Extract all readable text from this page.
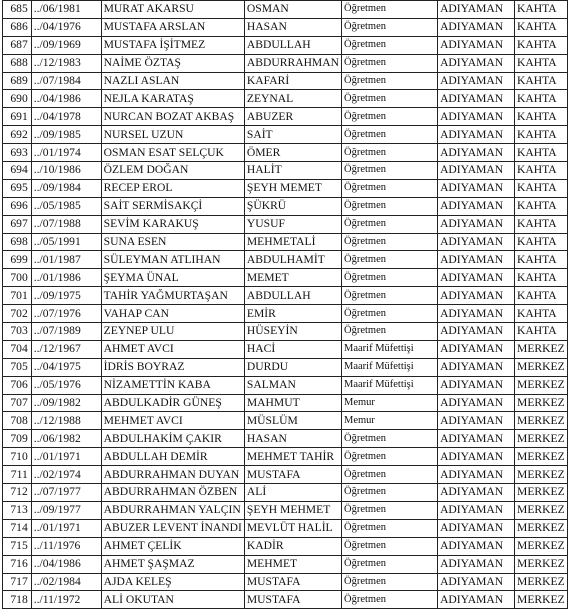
685	../06/1981	MURAT AKARSU	OSMAN	Öğretmen	ADIYAMAN	KAHTA
686	../04/1976	MUSTAFA ARSLAN	HASAN	Öğretmen	ADIYAMAN	KAHTA
687	../09/1969	MUSTAFA İŞİTMEZ	ABDULLAH	Öğretmen	ADIYAMAN	KAHTA
688	../12/1983	NAİME ÖZTAŞ	ABDURRAHMAN	Öğretmen	ADIYAMAN	KAHTA
689	../07/1984	NAZLI ASLAN	KAFARİ	Öğretmen	ADIYAMAN	KAHTA
690	../04/1986	NEJLA KARATAŞ	ZEYNAL	Öğretmen	ADIYAMAN	KAHTA
691	../04/1978	NURCAN BOZAT AKBAŞ	ABUZER	Öğretmen	ADIYAMAN	KAHTA
692	../09/1985	NURSEL UZUN	SAİT	Öğretmen	ADIYAMAN	KAHTA
693	../01/1974	OSMAN ESAT SELÇUK	ÖMER	Öğretmen	ADIYAMAN	KAHTA
694	../10/1986	ÖZLEM DOĞAN	HALİT	Öğretmen	ADIYAMAN	KAHTA
695	../09/1984	RECEP EROL	ŞEYH MEMET	Öğretmen	ADIYAMAN	KAHTA
696	../05/1985	SAİT SERMİSAKÇİ	ŞÜKRÜ	Öğretmen	ADIYAMAN	KAHTA
697	../07/1988	SEVİM KARAKUŞ	YUSUF	Öğretmen	ADIYAMAN	KAHTA
698	../05/1991	SUNA ESEN	MEHMETALİ	Öğretmen	ADIYAMAN	KAHTA
699	../01/1987	SÜLEYMAN ATLIHAN	ABDULHAMİT	Öğretmen	ADIYAMAN	KAHTA
700	../01/1986	ŞEYMA ÜNAL	MEMET	Öğretmen	ADIYAMAN	KAHTA
701	../09/1975	TAHİR YAĞMURTAŞAN	ABDULLAH	Öğretmen	ADIYAMAN	KAHTA
702	../07/1976	VAHAP CAN	EMİR	Öğretmen	ADIYAMAN	KAHTA
703	../07/1989	ZEYNEP ULU	HÜSEYİN	Öğretmen	ADIYAMAN	KAHTA
704	../12/1967	AHMET AVCI	HACİ	Maarif Müfettişi	ADIYAMAN	MERKEZ
705	../04/1975	İDRİS BOYRAZ	DURDU	Maarif Müfettişi	ADIYAMAN	MERKEZ
706	../05/1976	NİZAMETTİN KABA	SALMAN	Maarif Müfettişi	ADIYAMAN	MERKEZ
707	../09/1982	ABDULKADİR GÜNEŞ	MAHMUT	Memur	ADIYAMAN	MERKEZ
708	../12/1988	MEHMET AVCI	MÜSLÜM	Memur	ADIYAMAN	MERKEZ
709	../06/1982	ABDULHAKİM ÇAKIR	HASAN	Öğretmen	ADIYAMAN	MERKEZ
710	../01/1971	ABDULLAH DEMİR	MEHMET TAHİR	Öğretmen	ADIYAMAN	MERKEZ
711	../02/1974	ABDURRAHMAN DUYAN	MUSTAFA	Öğretmen	ADIYAMAN	MERKEZ
712	../07/1977	ABDURRAHMAN ÖZBEN	ALİ	Öğretmen	ADIYAMAN	MERKEZ
713	../09/1977	ABDURRAHMAN YALÇIN	ŞEYH MEHMET	Öğretmen	ADIYAMAN	MERKEZ
714	../01/1971	ABUZER LEVENT İNANDI	MEVLÜT HALİL	Öğretmen	ADIYAMAN	MERKEZ
715	../11/1976	AHMET ÇELİK	KADİR	Öğretmen	ADIYAMAN	MERKEZ
716	../04/1986	AHMET ŞAŞMAZ	MEHMET	Öğretmen	ADIYAMAN	MERKEZ
717	../02/1984	AJDA KELEŞ	MUSTAFA	Öğretmen	ADIYAMAN	MERKEZ
718	../11/1972	ALİ OKUTAN	MUSTAFA	Öğretmen	ADIYAMAN	MERKEZ
